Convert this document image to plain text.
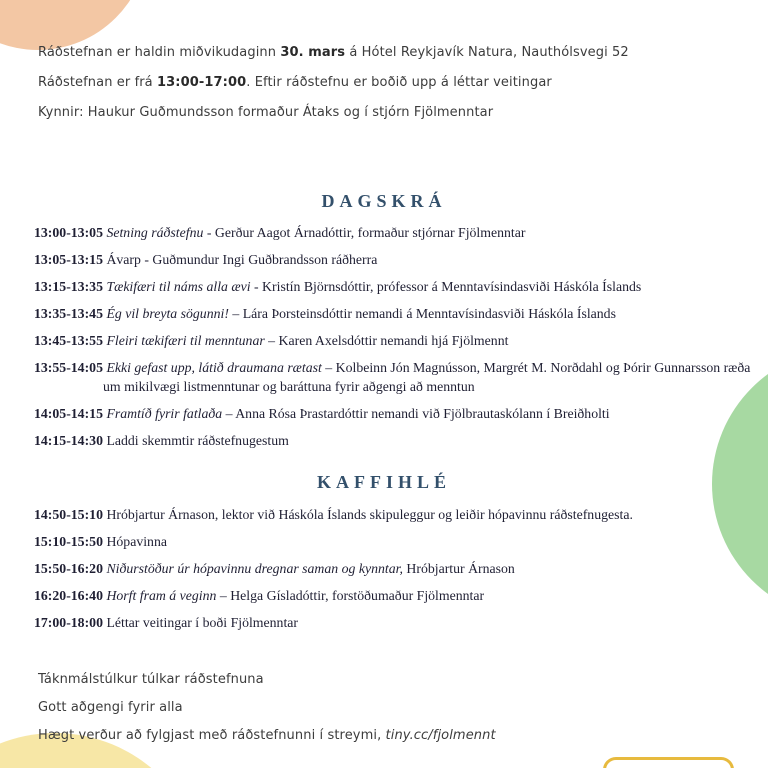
Ráðstefnan er haldin miðvikudaginn 30. mars á Hótel Reykjavík Natura, Nauthólsvegi 52
Ráðstefnan er frá 13:00-17:00. Eftir ráðstefnu er boðið upp á léttar veitingar
Kynnir: Haukur Guðmundsson formaður Átaks og í stjórn Fjölmenntar
DAGSKRÁ
13:00-13:05 Setning ráðstefnu - Gerður Aagot Árnadóttir, formaður stjórnar Fjölmenntar
13:05-13:15 Ávarp - Guðmundur Ingi Guðbrandsson ráðherra
13:15-13:35 Tækifæri til náms alla ævi - Kristín Björnsdóttir, prófessor á Menntavísindasviði Háskóla Íslands
13:35-13:45 Ég vil breyta sögunni! – Lára Þorsteinsdóttir nemandi á Menntavísindasviði Háskóla Íslands
13:45-13:55 Fleiri tækifæri til menntunar – Karen Axelsdóttir nemandi hjá Fjölmennt
13:55-14:05 Ekki gefast upp, látið draumana rætast – Kolbeinn Jón Magnússon, Margrét M. Norðdahl og Þórir Gunnarsson ræða um mikilvægi listmenntunar og baráttuna fyrir aðgengi að menntun
14:05-14:15 Framtíð fyrir fatlaða – Anna Rósa Þrastardóttir nemandi við Fjölbrautaskólann í Breiðholti
14:15-14:30 Laddi skemmtir ráðstefnugestum
KAFFIHLÉ
14:50-15:10 Hróbjartur Árnason, lektor við Háskóla Íslands skipuleggur og leiðir hópavinnu ráðstefnugesta.
15:10-15:50 Hópavinna
15:50-16:20 Niðurstöður úr hópavinnu dregnar saman og kynntar, Hróbjartur Árnason
16:20-16:40 Horft fram á veginn – Helga Gísladóttir, forstöðumaður Fjölmenntar
17:00-18:00 Léttar veitingar í boði Fjölmenntar
Táknmálstúlkur túlkar ráðstefnuna
Gott aðgengi fyrir alla
Hægt verður að fylgjast með ráðstefnunni í streymi, tiny.cc/fjolmennt
